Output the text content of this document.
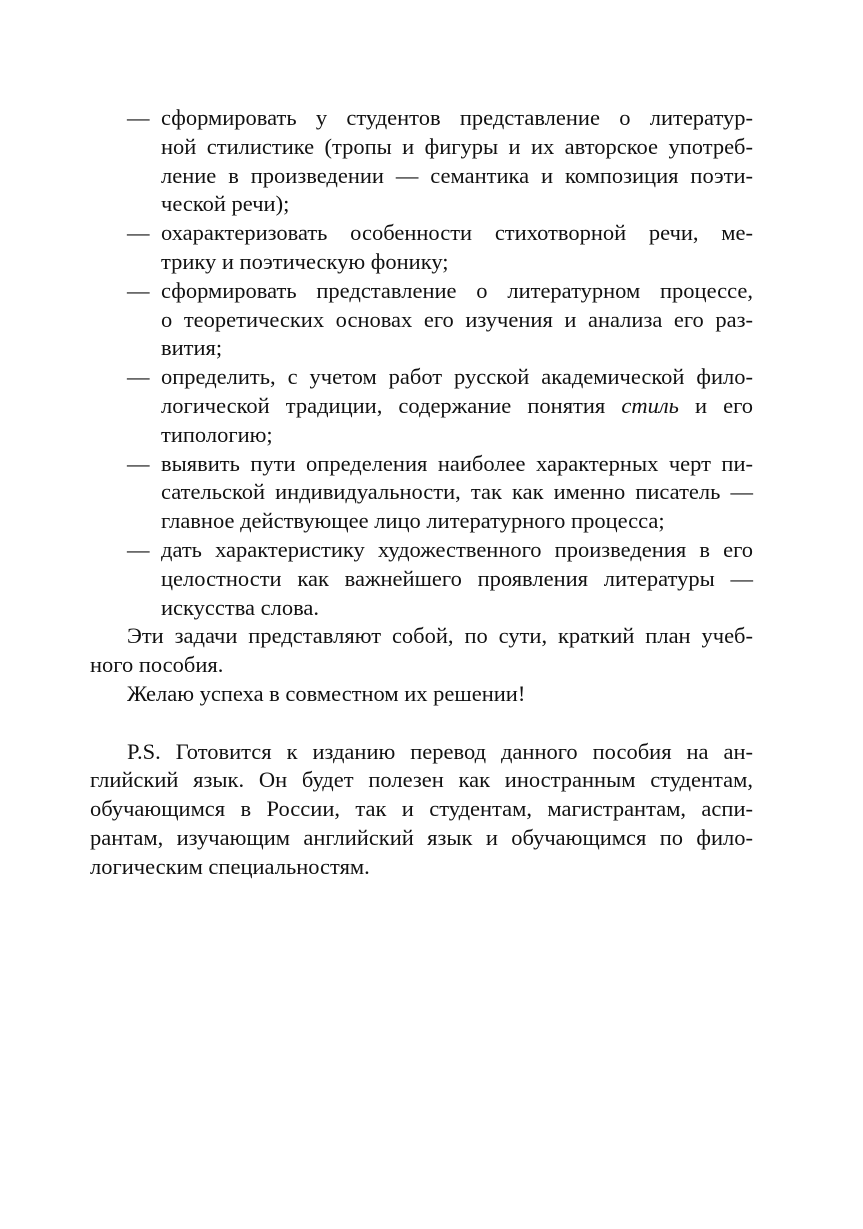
— сформировать у студентов представление о литератур-
ной стилистике (тропы и фигуры и их авторское употреб-
ление в произведении — семантика и композиция поэти-
ческой речи);
— охарактеризовать особенности стихотворной речи, ме-
трику и поэтическую фонику;
— сформировать представление о литературном процессе,
о теоретических основах его изучения и анализа его раз-
вития;
— определить, с учетом работ русской академической фило-
логической традиции, содержание понятия стиль и его
типологию;
— выявить пути определения наиболее характерных черт пи-
сательской индивидуальности, так как именно писатель —
главное действующее лицо литературного процесса;
— дать характеристику художественного произведения в его
целостности как важнейшего проявления литературы —
искусства слова.
Эти задачи представляют собой, по сути, краткий план учеб-
ного пособия.
Желаю успеха в совместном их решении!
P.S. Готовится к изданию перевод данного пособия на ан-
глийский язык. Он будет полезен как иностранным студентам,
обучающимся в России, так и студентам, магистрантам, аспи-
рантам, изучающим английский язык и обучающимся по фило-
логическим специальностям.
